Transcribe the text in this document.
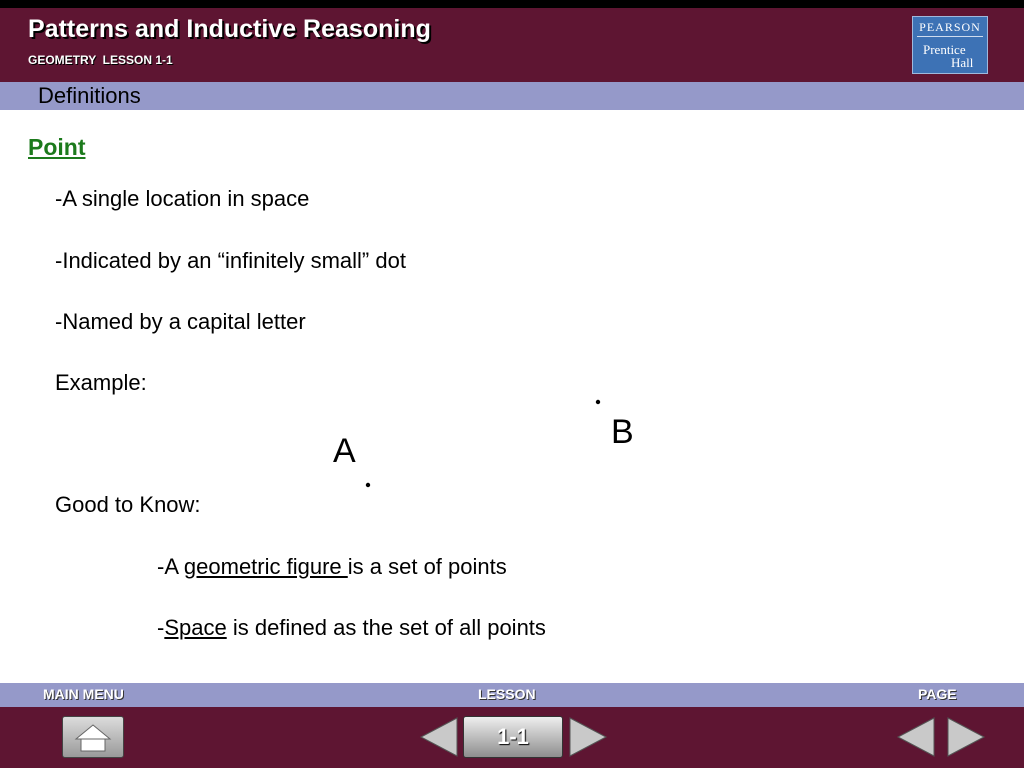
Patterns and Inductive Reasoning
GEOMETRY  LESSON 1-1
PEARSON
Prentice
Hall
Definitions
Point
-A single location in space
-Indicated by an “infinitely small” dot
-Named by a capital letter
Example:
B
A
Good to Know:
-A geometric figure is a set of points
-Space is defined as the set of all points
MAIN MENU	LESSON	PAGE
1-1
